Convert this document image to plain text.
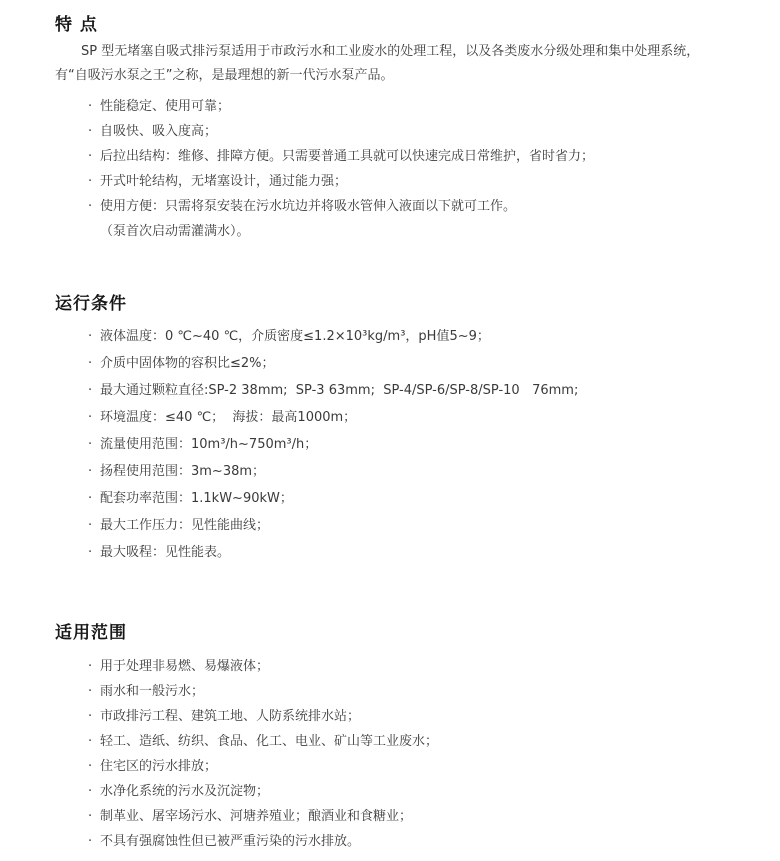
特 点

SP 型无堵塞自吸式排污泵适用于市政污水和工业废水的处理工程，以及各类废水分级处理和集中处理系统，有“自吸污水泵之王”之称，是最理想的新一代污水泵产品。

· 性能稳定、使用可靠；
· 自吸快、吸入度高；
· 后拉出结构：维修、排障方便。只需要普通工具就可以快速完成日常维护，省时省力；
· 开式叶轮结构，无堵塞设计，通过能力强；
· 使用方便：只需将泵安装在污水坑边并将吸水管伸入液面以下就可工作。
（泵首次启动需灌满水）。
运行条件
· 液体温度：0 ℃~40 ℃，介质密度≤1.2×10³kg/m³，pH值5~9；
· 介质中固体物的容积比≤2%；
· 最大通过颗粒直径:SP-2 38mm;  SP-3 63mm;  SP-4/SP-6/SP-8/SP-10   76mm;
· 环境温度：≤40 ℃；  海拔：最高1000m；
· 流量使用范围：10m³/h~750m³/h；
· 扬程使用范围：3m~38m；
· 配套功率范围：1.1kW~90kW；
· 最大工作压力：见性能曲线；
· 最大吸程：见性能表。
适用范围
· 用于处理非易燃、易爆液体；
· 雨水和一般污水；
· 市政排污工程、建筑工地、人防系统排水站；
· 轻工、造纸、纺织、食品、化工、电业、矿山等工业废水；
· 住宅区的污水排放；
· 水净化系统的污水及沉淀物；
· 制革业、屠宰场污水、河塘养殖业；酿酒业和食糖业；
· 不具有强腐蚀性但已被严重污染的污水排放。
